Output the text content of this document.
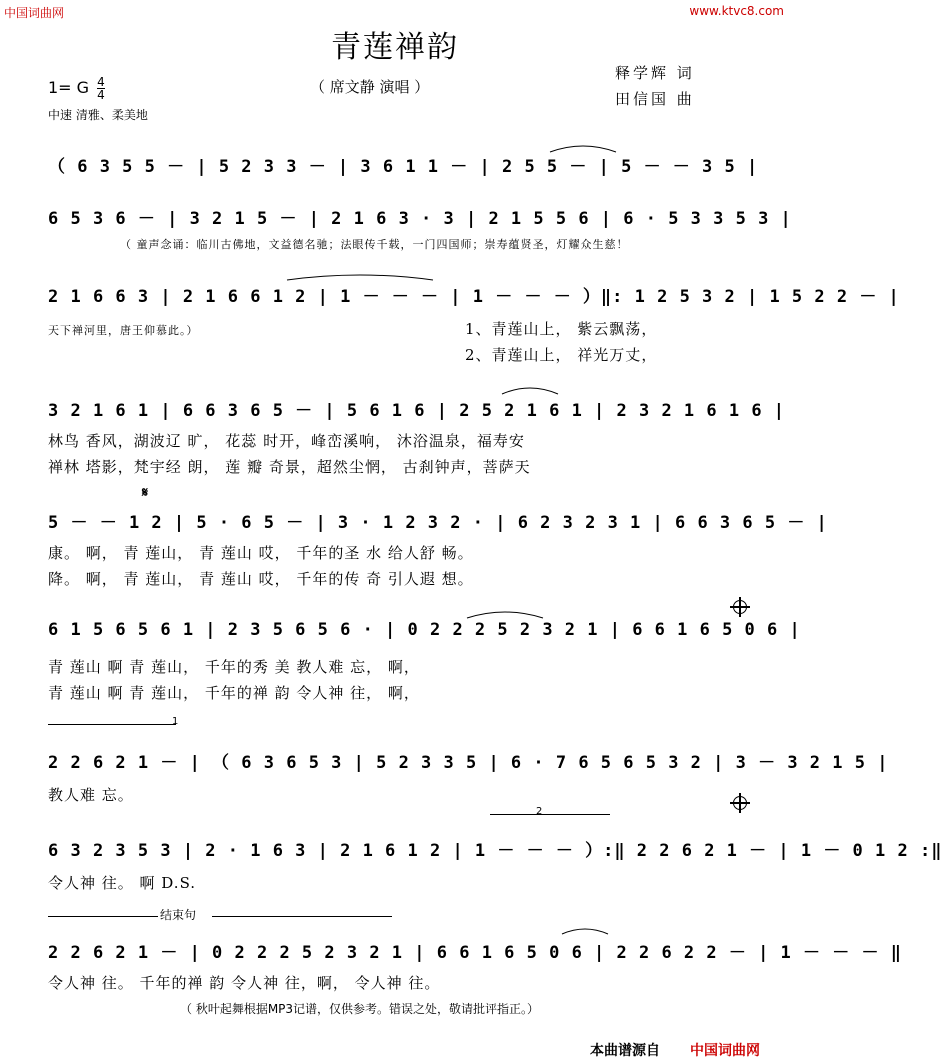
中国词曲网	www.ktvc8.com
青莲禅韵
（ 席文静 演唱 ）
释学辉 词
田信国 曲
1= G $\frac{4}{4}$
中速 清雅、柔美地
（ 6 3 5 5 － | 5 2 3 3 － | 3 6 1 1 － | 2 5 5 － | 5 － － 3 5 |
6 5 3 6 － | 3 2 1 5 － | 2 1 6 3 · 3 | 2 1 5 5 6 | 6 · 5 3 3 5 3 |
（ 童声念诵：临川古佛地，文益德名驰；法眼传千载，一门四国师；崇寿蕴贤圣，灯耀众生慈！
2 1 6 6 3 | 2 1 6 6 1 2 | 1 － － － | 1 － － － ）‖: 1 2 5 3 2 | 1 5 2 2 － |
天下禅河里，唐王仰慕此。）	1、青莲山上， 紫云飘荡，
2、青莲山上， 祥光万丈，
3 2 1 6 1 | 6 6 3 6 5 － | 5 6 1 6 | 2 5 2 1 6 1 | 2 3 2 1 6 1 6 |
林鸟 香风，湖波辽 旷， 花蕊 时开，峰峦溪响， 沐浴温泉，福寿安
禅林 塔影，梵宇经 朗， 莲 瓣 奇景，超然尘惘， 古刹钟声，菩萨天
𝄋
5 － － 1 2 | 5 · 6 5 － | 3 · 1 2 3 2 · | 6 2 3 2 3 1 | 6 6 3 6 5 － |
康。 啊， 青 莲山， 青 莲山 哎， 千年的圣 水 给人舒 畅。
降。 啊， 青 莲山， 青 莲山 哎， 千年的传 奇 引人遐 想。
6 1 5 6 5 6 1 | 2 3 5 6 5 6 · | 0 2 2 2 5 2 3 2 1 | 6 6 1 6 5 0 6 |
青 莲山 啊 青 莲山， 千年的秀 美 教人难 忘， 啊，
青 莲山 啊 青 莲山， 千年的禅 韵 令人神 往， 啊，
1
2 2 6 2 1 － | （ 6 3 6 5 3 | 5 2 3 3 5 | 6 · 7 6 5 6 5 3 2 | 3 － 3 2 1 5 |
教人难 忘。
2
6 3 2 3 5 3 | 2 · 1 6 3 | 2 1 6 1 2 | 1 － － － ）:‖ 2 2 6 2 1 － | 1 － 0 1 2 :‖
令人神 往。 啊 D.S.
结束句
2 2 6 2 1 － | 0 2 2 2 5 2 3 2 1 | 6 6 1 6 5 0 6 | 2 2 6 2 2 － | 1 － － － ‖
令人神 往。 千年的禅 韵 令人神 往，啊， 令人神 往。
（ 秋叶起舞根据MP3记谱，仅供参考。错误之处，敬请批评指正。）
本曲谱源自 中国词曲网
